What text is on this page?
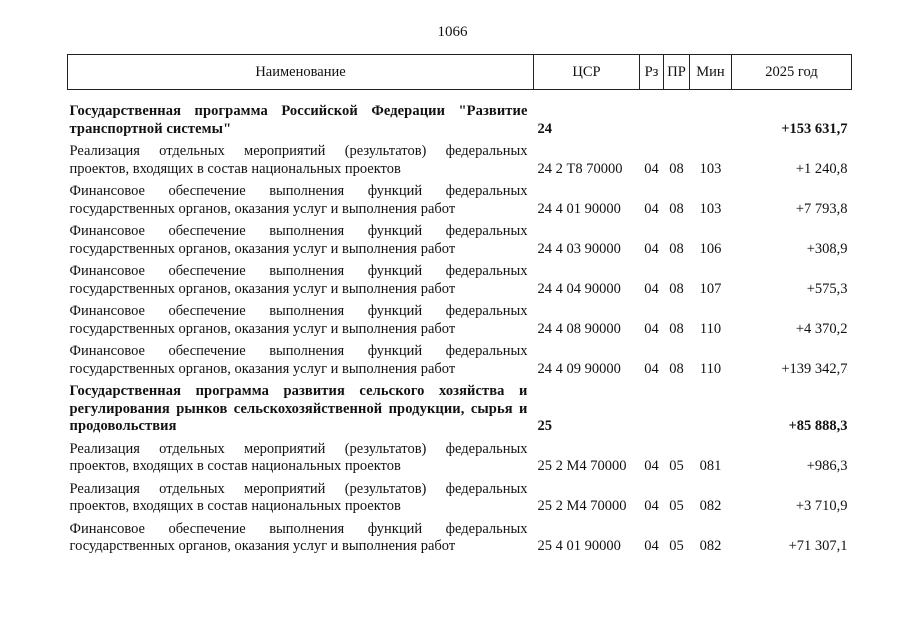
1066
Наименование	ЦСР	Рз	ПР	Мин	2025 год

Государственная программа Российской Федерации "Развитие транспортной системы"	24				+153 631,7
Реализация отдельных мероприятий (результатов) федеральных проектов, входящих в состав национальных проектов	24 2 Т8 70000	04	08	103	+1 240,8
Финансовое обеспечение выполнения функций федеральных государственных органов, оказания услуг и выполнения работ	24 4 01 90000	04	08	103	+7 793,8
Финансовое обеспечение выполнения функций федеральных государственных органов, оказания услуг и выполнения работ	24 4 03 90000	04	08	106	+308,9
Финансовое обеспечение выполнения функций федеральных государственных органов, оказания услуг и выполнения работ	24 4 04 90000	04	08	107	+575,3
Финансовое обеспечение выполнения функций федеральных государственных органов, оказания услуг и выполнения работ	24 4 08 90000	04	08	110	+4 370,2
Финансовое обеспечение выполнения функций федеральных государственных органов, оказания услуг и выполнения работ	24 4 09 90000	04	08	110	+139 342,7
Государственная программа развития сельского хозяйства и регулирования рынков сельскохозяйственной продукции, сырья и продовольствия	25				+85 888,3
Реализация отдельных мероприятий (результатов) федеральных проектов, входящих в состав национальных проектов	25 2 М4 70000	04	05	081	+986,3
Реализация отдельных мероприятий (результатов) федеральных проектов, входящих в состав национальных проектов	25 2 М4 70000	04	05	082	+3 710,9
Финансовое обеспечение выполнения функций федеральных государственных органов, оказания услуг и выполнения работ	25 4 01 90000	04	05	082	+71 307,1
